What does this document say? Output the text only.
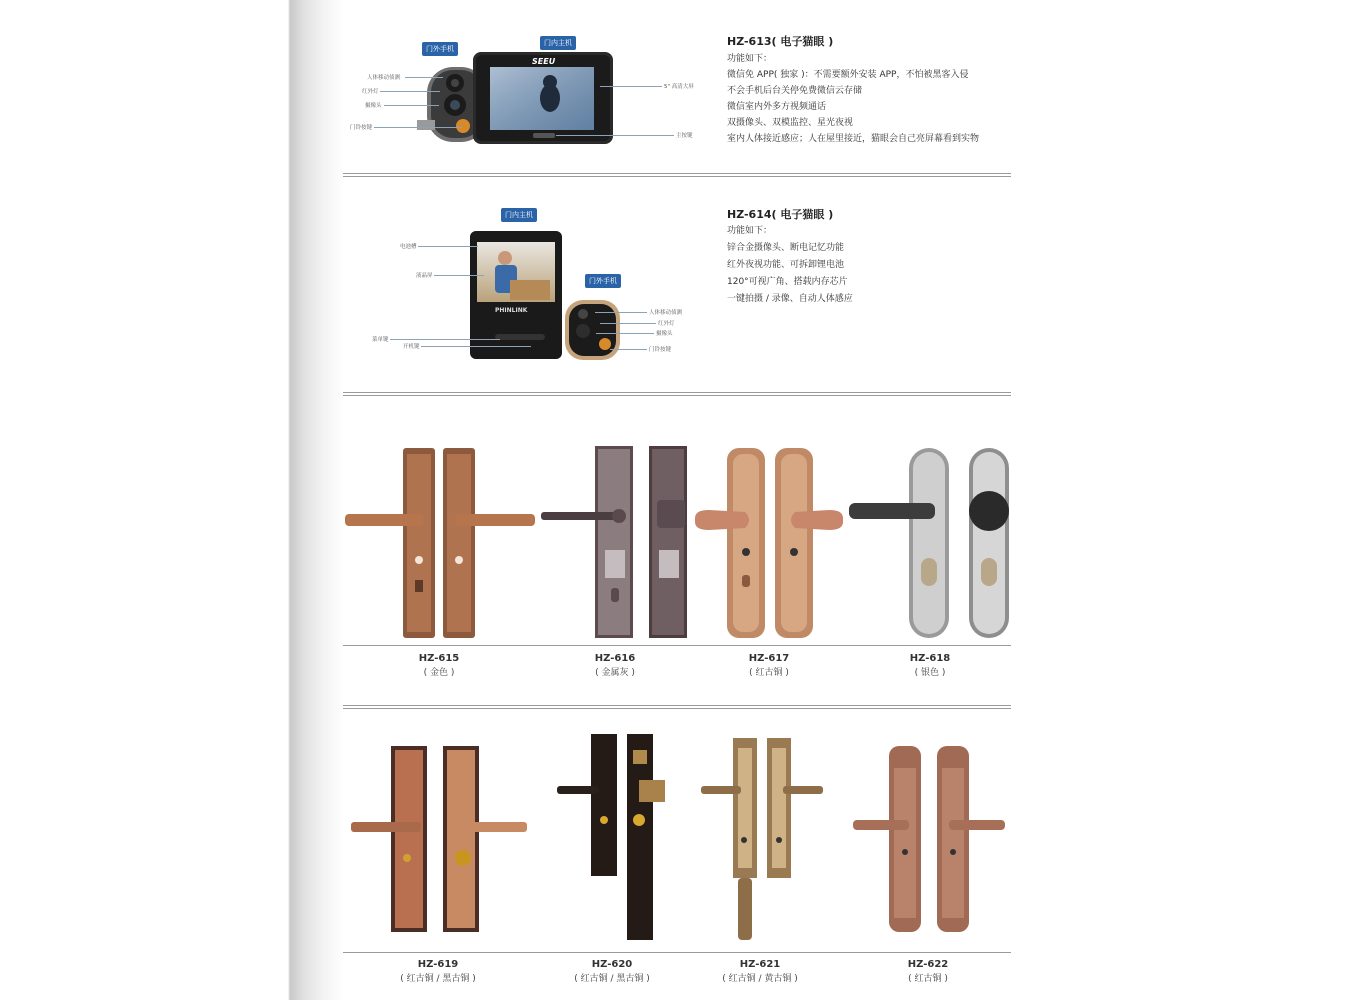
SEEU
门外手机
门内主机
人体移动侦测
红外灯
摄像头
门铃按键
5" 高清大屏
主按键
HZ-613( 电子猫眼 )
功能如下：
微信免 APP( 独家 )：不需要额外安装 APP，不怕被黑客入侵
不会手机后台关停免费微信云存储
微信室内外多方视频通话
双摄像头、双模监控、星光夜视
室内人体接近感应；人在屋里接近，猫眼会自己亮屏幕看到实物
PHINLINK
门内主机
门外手机
电池槽
液晶屏
菜单键
开机键
人体移动侦测
红外灯
摄像头
门铃按键
HZ-614( 电子猫眼 )
功能如下：
锌合金摄像头、断电记忆功能
红外夜视功能、可拆卸锂电池
120°可视广角、搭载内存芯片
一键拍摄 / 录像、自动人体感应
HZ-615
( 金色 )
HZ-616
( 金属灰 )
HZ-617
( 红古铜 )
HZ-618
( 银色 )
HZ-619
( 红古铜 / 黑古铜 )
HZ-620
( 红古铜 / 黑古铜 )
HZ-621
( 红古铜 / 黄古铜 )
HZ-622
( 红古铜 )
